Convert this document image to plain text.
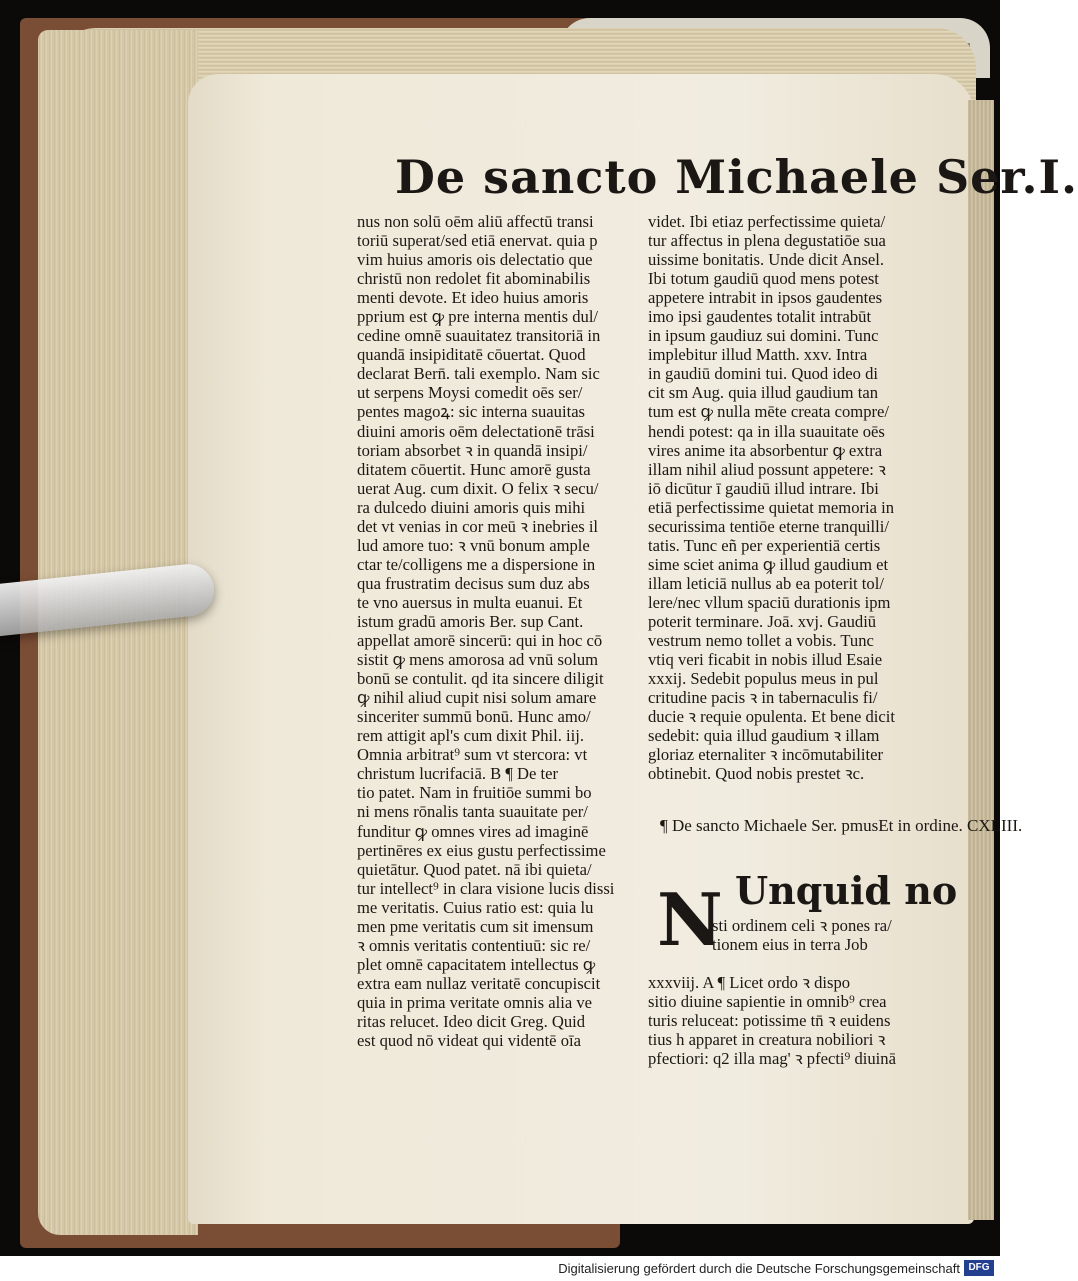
De sancto Michaele Ser.I.
nus non solū oēm aliū affectū transi
toriū superat/sed etiā enervat. quia p
vim huius amoris ois delectatio que
christū non redolet fit abominabilis
menti devote. Et ideo huius amoris
pprium est ꝙ pre interna mentis dul/
cedine omnē suauitatez transitoriā in
quandā insipiditatē cōuertat. Quod
declarat Bern̄. tali exemplo. Nam sic
ut serpens Moysi comedit oēs ser/
pentes magoꝝ: sic interna suauitas
diuini amoris oēm delectationē trāsi
toriam absorbet ꝛ in quandā insipi/
ditatem cōuertit. Hunc amorē gusta
uerat Aug. cum dixit. O felix ꝛ secu/
ra dulcedo diuini amoris quis mihi
det vt venias in cor meū ꝛ inebries il
lud amore tuo: ꝛ vnū bonum ample
ctar te/colligens me a dispersione in
qua frustratim decisus sum duz abs
te vno auersus in multa euanui. Et
istum gradū amoris Ber. sup Cant.
appellat amorē sincerū: qui in hoc cō
sistit ꝙ mens amorosa ad vnū solum
bonū se contulit. qd ita sincere diligit
ꝙ nihil aliud cupit nisi solum amare
sinceriter summū bonū. Hunc amo/
rem attigit apl's cum dixit Phil. iij.
Omnia arbitrat⁹ sum vt stercora: vt
christum lucrifaciā. B ¶ De ter
tio patet. Nam in fruitiōe summi bo
ni mens rōnalis tanta suauitate per/
funditur ꝙ omnes vires ad imaginē
pertinēres ex eius gustu perfectissime
quietātur. Quod patet. nā ibi quieta/
tur intellect⁹ in clara visione lucis dissi
me veritatis. Cuius ratio est: quia lu
men pme veritatis cum sit imensum
ꝛ omnis veritatis contentiuū: sic re/
plet omnē capacitatem intellectus ꝙ
extra eam nullaz veritatē concupiscit
quia in prima veritate omnis alia ve
ritas relucet. Ideo dicit Greg. Quid
est quod nō videat qui videntē oīa
videt. Ibi etiaz perfectissime quieta/
tur affectus in plena degustatiōe sua
uissime bonitatis. Unde dicit Ansel.
Ibi totum gaudiū quod mens potest
appetere intrabit in ipsos gaudentes
imo ipsi gaudentes totalit intrabūt
in ipsum gaudiuz sui domini. Tunc
implebitur illud Matth. xxv. Intra
in gaudiū domini tui. Quod ideo di
cit sm Aug. quia illud gaudium tan
tum est ꝙ nulla mēte creata compre/
hendi potest: qa in illa suauitate oēs
vires anime ita absorbentur ꝙ extra
illam nihil aliud possunt appetere: ꝛ
iō dicūtur ī gaudiū illud intrare. Ibi
etiā perfectissime quietat memoria in
securissima tentiōe eterne tranquilli/
tatis. Tunc eñ per experientiā certis
sime sciet anima ꝙ illud gaudium et
illam leticiā nullus ab ea poterit tol/
lere/nec vllum spaciū durationis ipm
poterit terminare. Joā. xvj. Gaudiū
vestrum nemo tollet a vobis. Tunc
vtiq veri ficabit in nobis illud Esaie
xxxij. Sedebit populus meus in pul
critudine pacis ꝛ in tabernaculis fi/
ducie ꝛ requie opulenta. Et bene dicit
sedebit: quia illud gaudium ꝛ illam
gloriaz eternaliter ꝛ incōmutabiliter
obtinebit. Quod nobis prestet ꝛc.
¶ De sancto Michaele Ser. pmusEt in ordine. CXLIII.
N Unquid no
sti ordinem celi ꝛ pones ra/
tionem eius in terra Job
xxxviij. A ¶ Licet ordo ꝛ dispo
sitio diuine sapientie in omnib⁹ crea
turis reluceat: potissime tn̄ ꝛ euidens
tius h apparet in creatura nobiliori ꝛ
pfectiori: q2 illa mag' ꝛ pfecti⁹ diuinā
Digitalisierung gefördert durch die Deutsche Forschungsgemeinschaft DFG
